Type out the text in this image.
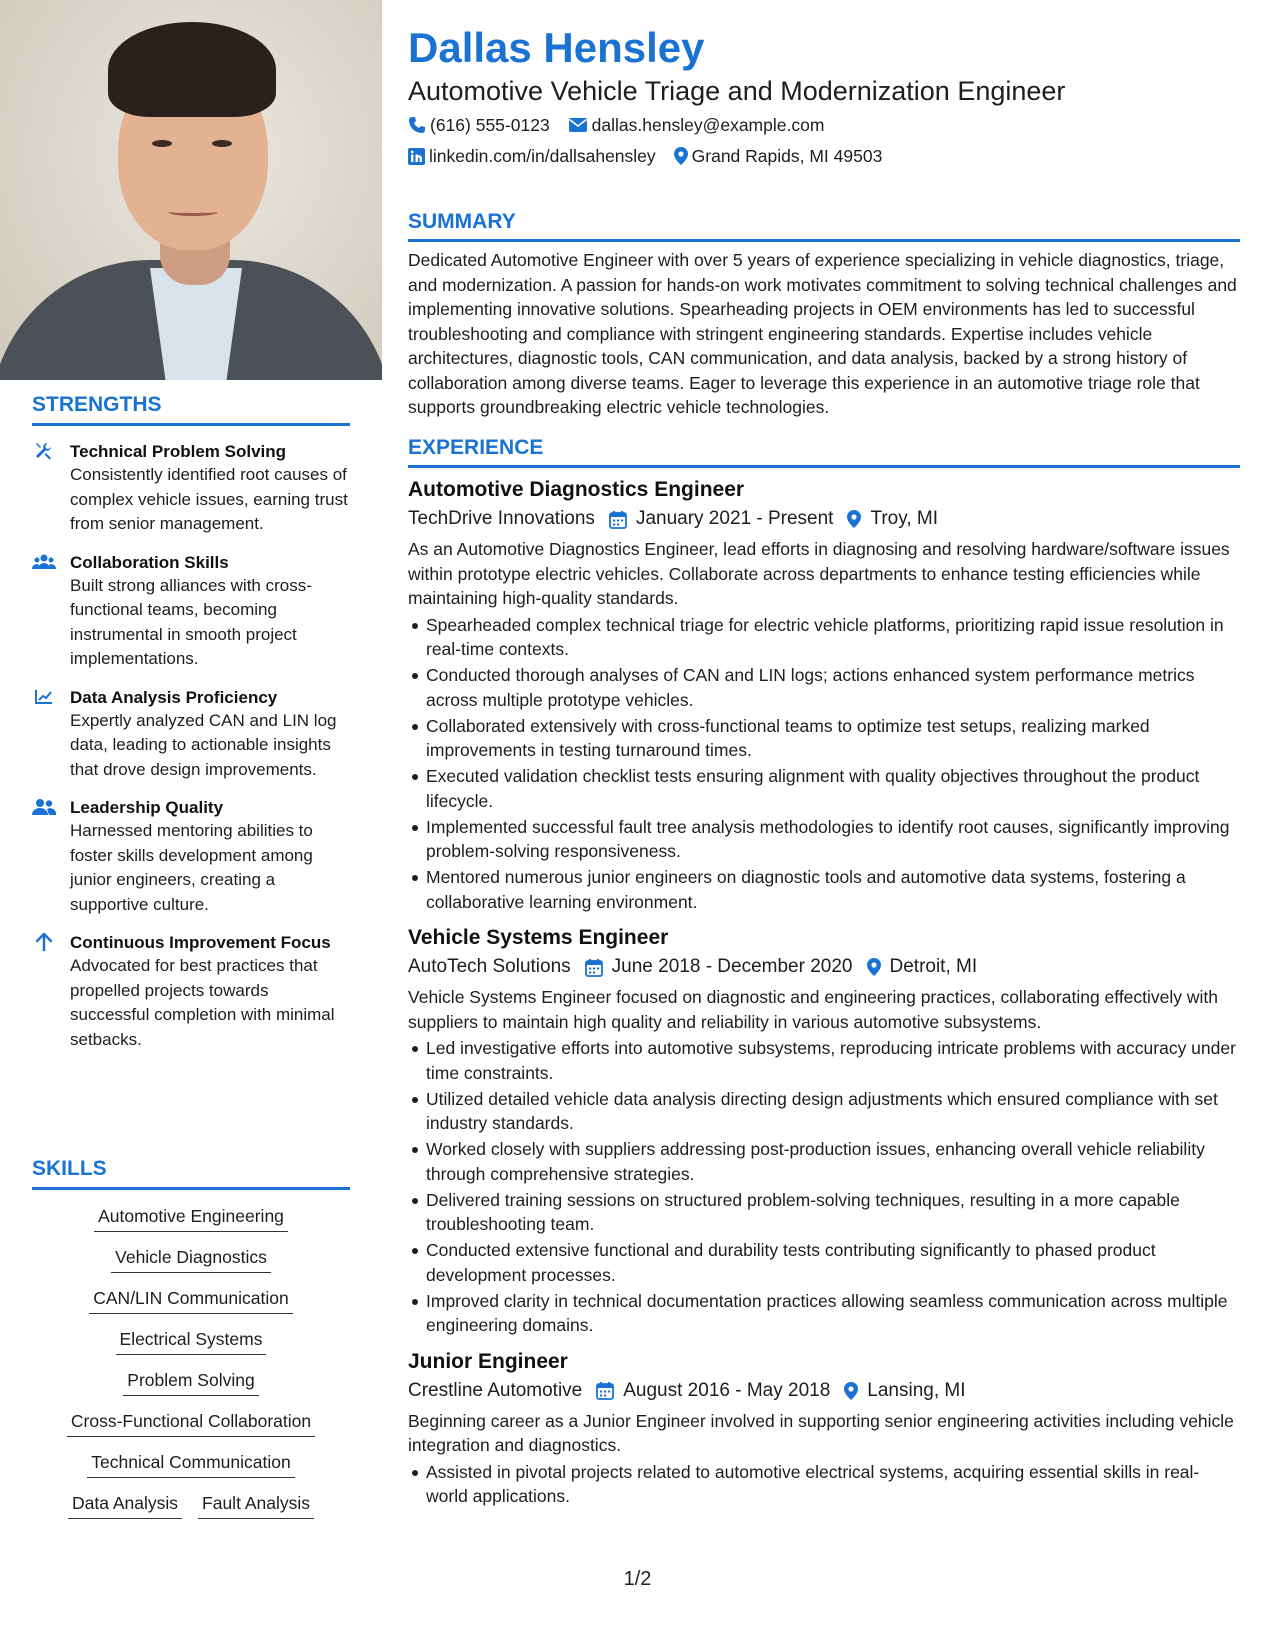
STRENGTHS
Technical Problem Solving
Consistently identified root causes of complex vehicle issues, earning trust from senior management.
Collaboration Skills
Built strong alliances with cross-functional teams, becoming instrumental in smooth project implementations.
Data Analysis Proficiency
Expertly analyzed CAN and LIN log data, leading to actionable insights that drove design improvements.
Leadership Quality
Harnessed mentoring abilities to foster skills development among junior engineers, creating a supportive culture.
Continuous Improvement Focus
Advocated for best practices that propelled projects towards successful completion with minimal setbacks.
SKILLS
Automotive Engineering
Vehicle Diagnostics
CAN/LIN Communication
Electrical Systems
Problem Solving
Cross-Functional Collaboration
Technical Communication
Data Analysis Fault Analysis
Dallas Hensley
Automotive Vehicle Triage and Modernization Engineer
(616) 555-0123 dallas.hensley@example.com
linkedin.com/in/dallsahensley Grand Rapids, MI 49503
SUMMARY
Dedicated Automotive Engineer with over 5 years of experience specializing in vehicle diagnostics, triage, and modernization. A passion for hands-on work motivates commitment to solving technical challenges and implementing innovative solutions. Spearheading projects in OEM environments has led to successful troubleshooting and compliance with stringent engineering standards. Expertise includes vehicle architectures, diagnostic tools, CAN communication, and data analysis, backed by a strong history of collaboration among diverse teams. Eager to leverage this experience in an automotive triage role that supports groundbreaking electric vehicle technologies.
EXPERIENCE
Automotive Diagnostics Engineer
TechDrive Innovations January 2021 - Present Troy, MI
As an Automotive Diagnostics Engineer, lead efforts in diagnosing and resolving hardware/software issues within prototype electric vehicles. Collaborate across departments to enhance testing efficiencies while maintaining high-quality standards.
Spearheaded complex technical triage for electric vehicle platforms, prioritizing rapid issue resolution in real-time contexts.
Conducted thorough analyses of CAN and LIN logs; actions enhanced system performance metrics across multiple prototype vehicles.
Collaborated extensively with cross-functional teams to optimize test setups, realizing marked improvements in testing turnaround times.
Executed validation checklist tests ensuring alignment with quality objectives throughout the product lifecycle.
Implemented successful fault tree analysis methodologies to identify root causes, significantly improving problem-solving responsiveness.
Mentored numerous junior engineers on diagnostic tools and automotive data systems, fostering a collaborative learning environment.
Vehicle Systems Engineer
AutoTech Solutions June 2018 - December 2020 Detroit, MI
Vehicle Systems Engineer focused on diagnostic and engineering practices, collaborating effectively with suppliers to maintain high quality and reliability in various automotive subsystems.
Led investigative efforts into automotive subsystems, reproducing intricate problems with accuracy under time constraints.
Utilized detailed vehicle data analysis directing design adjustments which ensured compliance with set industry standards.
Worked closely with suppliers addressing post-production issues, enhancing overall vehicle reliability through comprehensive strategies.
Delivered training sessions on structured problem-solving techniques, resulting in a more capable troubleshooting team.
Conducted extensive functional and durability tests contributing significantly to phased product development processes.
Improved clarity in technical documentation practices allowing seamless communication across multiple engineering domains.
Junior Engineer
Crestline Automotive August 2016 - May 2018 Lansing, MI
Beginning career as a Junior Engineer involved in supporting senior engineering activities including vehicle integration and diagnostics.
Assisted in pivotal projects related to automotive electrical systems, acquiring essential skills in real-world applications.
1/2
